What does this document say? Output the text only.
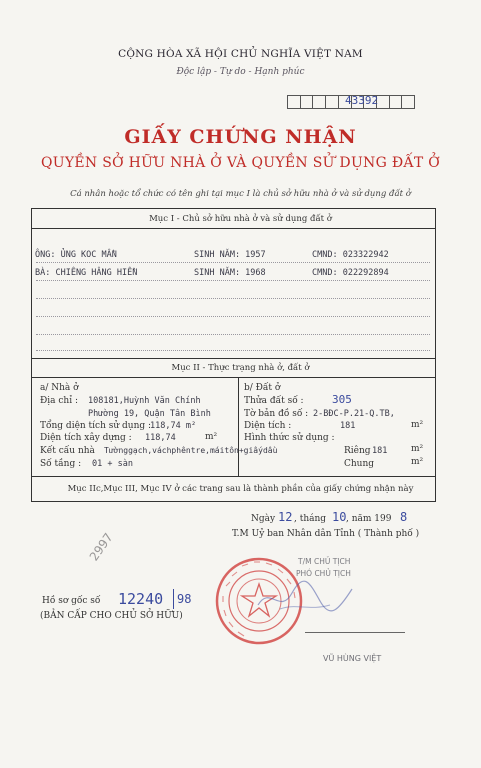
CỘNG HÒA XÃ HỘI CHỦ NGHĨA VIỆT NAM
Độc lập - Tự do - Hạnh phúc
43392
GIẤY CHỨNG NHẬN
QUYỀN SỞ HỮU NHÀ Ở VÀ QUYỀN SỬ DỤNG ĐẤT Ở
Cá nhân hoặc tổ chức có tên ghi tại mục I là chủ sở hữu nhà ở và sử dụng đất ở
Mục I - Chủ sở hữu nhà ở và sử dụng đất ở
ÔNG: ỦNG KOC MẦN	SINH NĂM: 1957	CMND: 023322942
BÀ: CHIÊNG HÂNG HIỀN	SINH NĂM: 1968	CMND: 022292894
Mục II - Thực trạng nhà ở, đất ở
a/ Nhà ở
Địa chỉ : 108181,Huỳnh Văn Chính
Phường 19, Quận Tân Bình
Tổng diện tích sử dụng :
118,74 m²
Diện tích xây dựng : 118,74	m²
Kết cấu nhà Tườnggạch,váchphêntre,máitôn+giấydầu
Số tầng : 01 + sàn
b/ Đất ở
Thửa đất số :	305
Tờ bản đồ số : 2-BĐC-P.21-Q.TB,
Diện tích :	181	m²
Hình thức sử dụng :
Riêng 181	m²
Chung	m²
Mục IIc,Mục III, Mục IV ở các trang sau là thành phần của giấy chứng nhận này
Ngày 12 , tháng 10 , năm 199 8
T.M Uỷ ban Nhân dân Tỉnh ( Thành phố )
2997	T/M CHỦ TỊCH
PHÓ CHỦ TỊCH
VŨ HÙNG VIỆT
Hồ sơ gốc số 12240 98
(BẢN CẤP CHO CHỦ SỞ HỮU)
